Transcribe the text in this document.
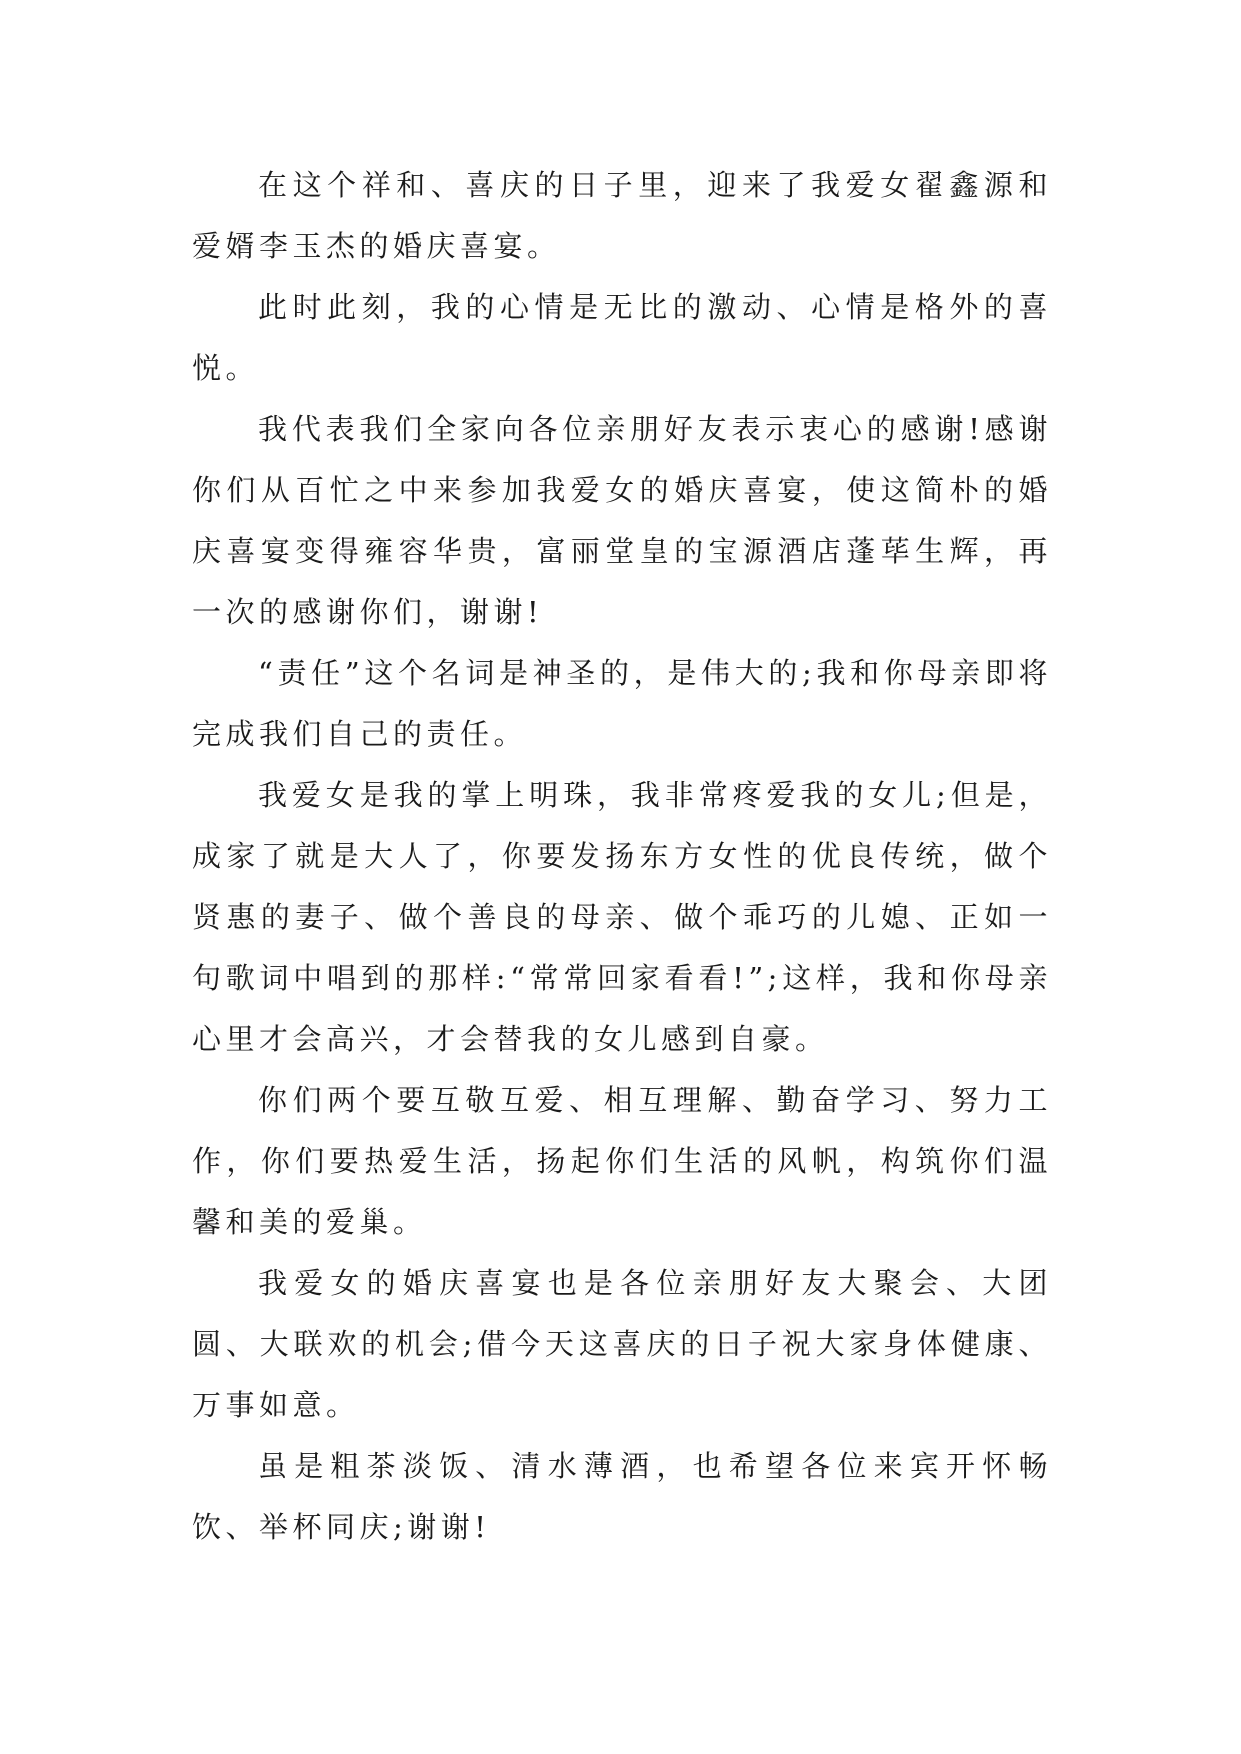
在这个祥和、喜庆的日子里，迎来了我爱女翟鑫源和爱婿李玉杰的婚庆喜宴。

此时此刻，我的心情是无比的激动、心情是格外的喜悦。

我代表我们全家向各位亲朋好友表示衷心的感谢!感谢你们从百忙之中来参加我爱女的婚庆喜宴，使这简朴的婚庆喜宴变得雍容华贵，富丽堂皇的宝源酒店蓬荜生辉，再一次的感谢你们，谢谢!

“责任”这个名词是神圣的，是伟大的;我和你母亲即将完成我们自己的责任。

我爱女是我的掌上明珠，我非常疼爱我的女儿;但是，成家了就是大人了，你要发扬东方女性的优良传统，做个贤惠的妻子、做个善良的母亲、做个乖巧的儿媳、正如一句歌词中唱到的那样:“常常回家看看!”;这样，我和你母亲心里才会高兴，才会替我的女儿感到自豪。

你们两个要互敬互爱、相互理解、勤奋学习、努力工作，你们要热爱生活，扬起你们生活的风帆，构筑你们温馨和美的爱巢。

我爱女的婚庆喜宴也是各位亲朋好友大聚会、大团圆、大联欢的机会;借今天这喜庆的日子祝大家身体健康、万事如意。

虽是粗茶淡饭、清水薄酒，也希望各位来宾开怀畅饮、举杯同庆;谢谢!
